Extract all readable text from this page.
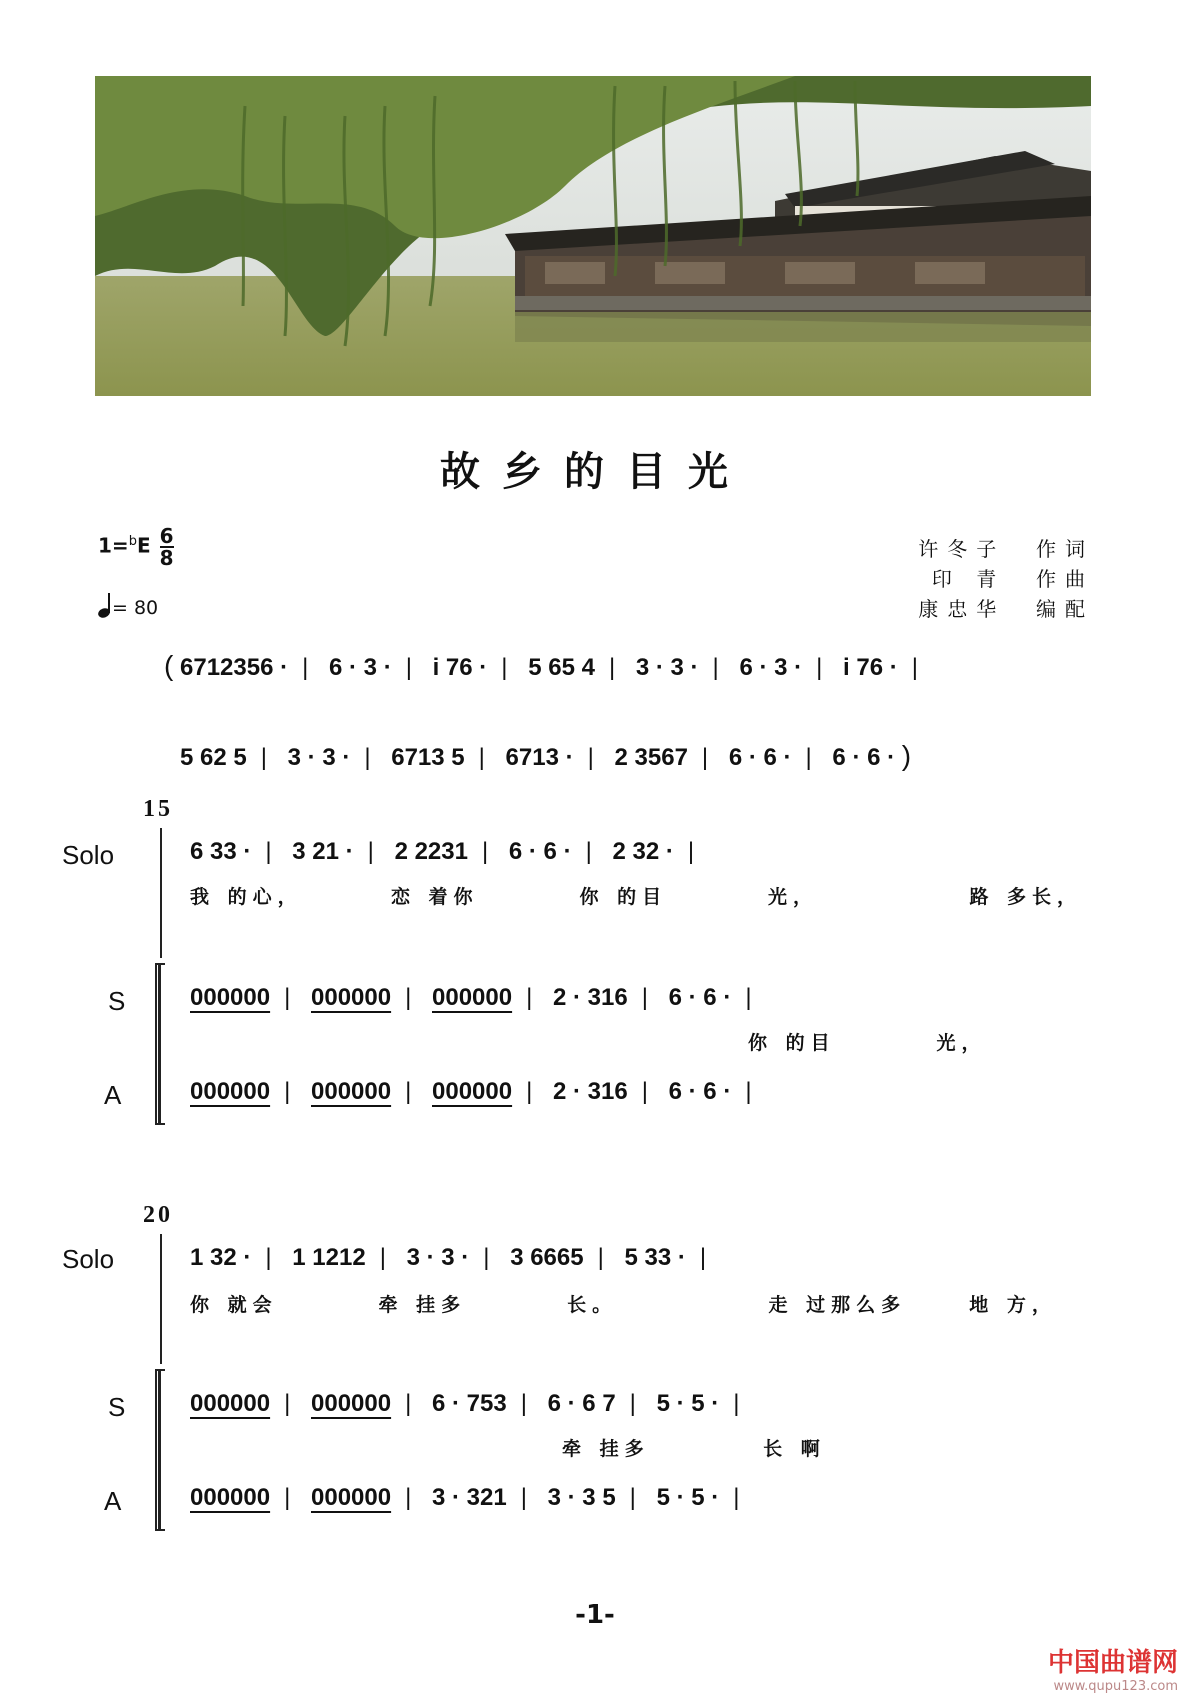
故乡的目光
$1=^bE \frac{6}{8}$
= 80
许冬子 作词
印 青 作曲
康忠华 编配
( 6712356 · | 6 · 3 · | i 76 · | 5 65 4 | 3 · 3 · | 6 · 3 · | i 76 · |
5 62 5 | 3 · 3 · | 6713 5 | 6713 · | 2 3567 | 6 · 6 · | 6 · 6 · )
15
Solo	6 33 · | 3 21 · | 2 2231 | 6 · 6 · | 2 32 · |
我 的心，	恋 着你	你 的目	光，	路 多长，
S
A
000000 | 000000 | 000000 | 2 · 316 | 6 · 6 · |
你 的目	光，
000000 | 000000 | 000000 | 2 · 316 | 6 · 6 · |
20
Solo	1 32 · | 1 1212 | 3 · 3 · | 3 6665 | 5 33 · |
你 就会	牵 挂多	长。	走 过那么多	地 方，
S
A
000000 | 000000 | 6 · 753 | 6 · 6 7 | 5 · 5 · |
牵 挂多	长 啊
000000 | 000000 | 3 · 321 | 3 · 3 5 | 5 · 5 · |
-1-
中国曲谱网
www.qupu123.com
